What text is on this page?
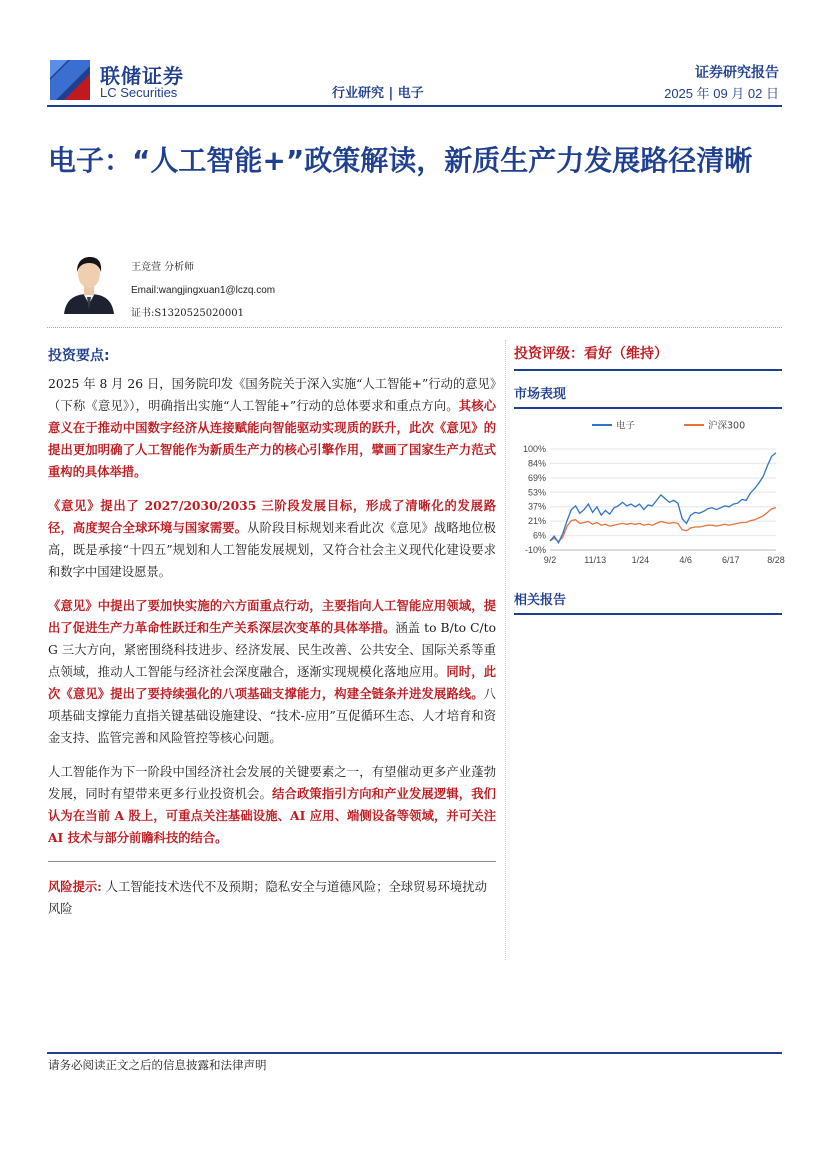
联储证券
LC Securities	行业研究 | 电子
证券研究报告
2025 年 09 月 02 日
电子：“人工智能+”政策解读，新质生产力发展路径清晰
王竞萱 分析师
Email:wangjingxuan1@lczq.com
证书:S1320525020001
投资要点:

2025 年 8 月 26 日，国务院印发《国务院关于深入实施“人工智能+”行动的意见》（下称《意见》），明确指出实施“人工智能+”行动的总体要求和重点方向。其核心意义在于推动中国数字经济从连接赋能向智能驱动实现质的跃升，此次《意见》的提出更加明确了人工智能作为新质生产力的核心引擎作用，擘画了国家生产力范式重构的具体举措。

《意见》提出了 2027/2030/2035 三阶段发展目标，形成了清晰化的发展路径，高度契合全球环境与国家需要。从阶段目标规划来看此次《意见》战略地位极高，既是承接“十四五”规划和人工智能发展规划，又符合社会主义现代化建设要求和数字中国建设愿景。

《意见》中提出了要加快实施的六方面重点行动，主要指向人工智能应用领域，提出了促进生产力革命性跃迁和生产关系深层次变革的具体举措。涵盖 to B/to C/to G 三大方向，紧密围绕科技进步、经济发展、民生改善、公共安全、国际关系等重点领域，推动人工智能与经济社会深度融合，逐渐实现规模化落地应用。同时，此次《意见》提出了要持续强化的八项基础支撑能力，构建全链条并进发展路线。八项基础支撑能力直指关键基础设施建设、“技术-应用”互促循环生态、人才培育和资金支持、监管完善和风险管控等核心问题。

人工智能作为下一阶段中国经济社会发展的关键要素之一，有望催动更多产业蓬勃发展，同时有望带来更多行业投资机会。结合政策指引方向和产业发展逻辑，我们认为在当前 A 股上，可重点关注基础设施、AI 应用、端侧设备等领域，并可关注 AI 技术与部分前瞻科技的结合。

风险提示: 人工智能技术迭代不及预期；隐私安全与道德风险；全球贸易环境扰动风险
投资评级：看好（维持）
市场表现
100%
84%
69%
53%
37%
21%
6%
-10%
9/2	11/13	1/24	4/6	6/17	8/28
电子	沪深300
相关报告
请务必阅读正文之后的信息披露和法律声明
